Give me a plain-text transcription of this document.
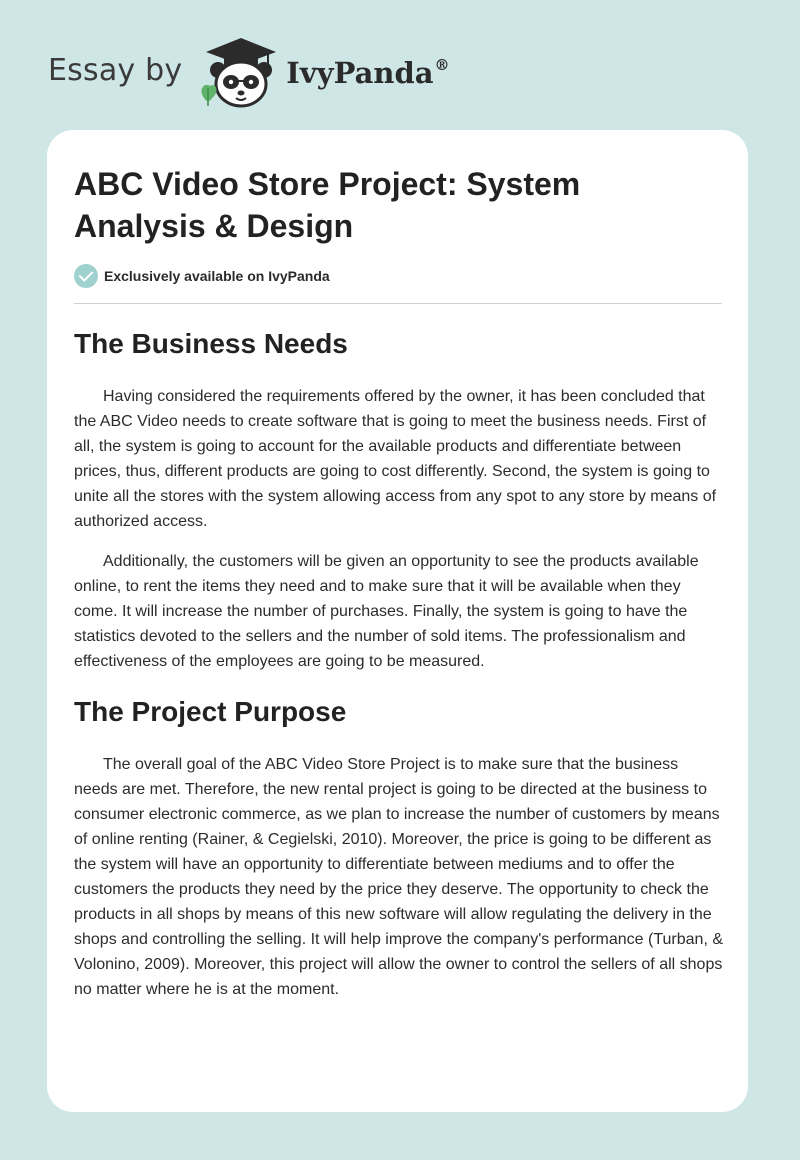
Essay by	IvyPanda®
ABC Video Store Project: System Analysis & Design
Exclusively available on IvyPanda
The Business Needs

Having considered the requirements offered by the owner, it has been concluded that the ABC Video needs to create software that is going to meet the business needs. First of all, the system is going to account for the available products and differentiate between prices, thus, different products are going to cost differently. Second, the system is going to unite all the stores with the system allowing access from any spot to any store by means of authorized access.

Additionally, the customers will be given an opportunity to see the products available online, to rent the items they need and to make sure that it will be available when they come. It will increase the number of purchases. Finally, the system is going to have the statistics devoted to the sellers and the number of sold items. The professionalism and effectiveness of the employees are going to be measured.

The Project Purpose

The overall goal of the ABC Video Store Project is to make sure that the business needs are met. Therefore, the new rental project is going to be directed at the business to consumer electronic commerce, as we plan to increase the number of customers by means of online renting (Rainer, & Cegielski, 2010). Moreover, the price is going to be different as the system will have an opportunity to differentiate between mediums and to offer the customers the products they need by the price they deserve. The opportunity to check the products in all shops by means of this new software will allow regulating the delivery in the shops and controlling the selling. It will help improve the company's performance (Turban, & Volonino, 2009). Moreover, this project will allow the owner to control the sellers of all shops no matter where he is at the moment.
